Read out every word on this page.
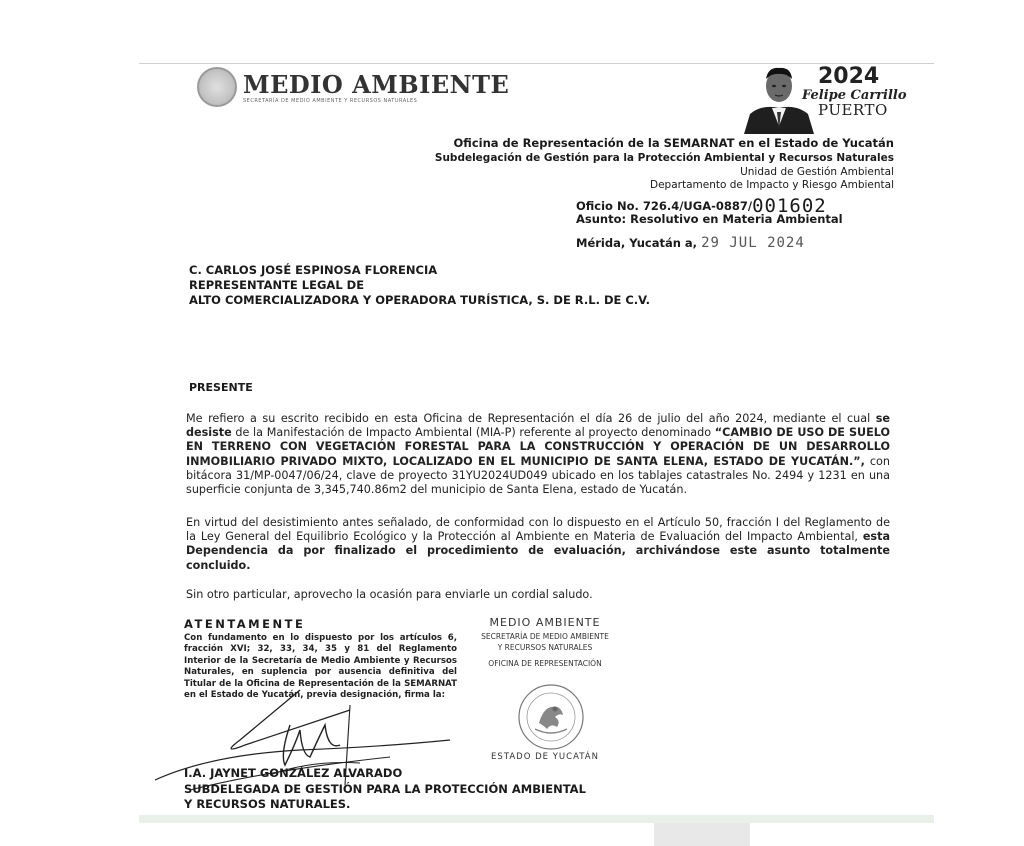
MEDIO AMBIENTE
SECRETARÍA DE MEDIO AMBIENTE Y RECURSOS NATURALES
2024
Felipe Carrillo
PUERTO
Oficina de Representación de la SEMARNAT en el Estado de Yucatán
Subdelegación de Gestión para la Protección Ambiental y Recursos Naturales
Unidad de Gestión Ambiental
Departamento de Impacto y Riesgo Ambiental
Oficio No. 726.4/UGA-0887/001602
Asunto: Resolutivo en Materia Ambiental
Mérida, Yucatán a, 29 JUL 2024
C. CARLOS JOSÉ ESPINOSA FLORENCIA
REPRESENTANTE LEGAL DE
ALTO COMERCIALIZADORA Y OPERADORA TURÍSTICA, S. DE R.L. DE C.V.
PRESENTE
Me refiero a su escrito recibido en esta Oficina de Representación el día 26 de julio del año 2024, mediante el cual se desiste de la Manifestación de Impacto Ambiental (MIA-P) referente al proyecto denominado “CAMBIO DE USO DE SUELO EN TERRENO CON VEGETACIÓN FORESTAL PARA LA CONSTRUCCIÓN Y OPERACIÓN DE UN DESARROLLO INMOBILIARIO PRIVADO MIXTO, LOCALIZADO EN EL MUNICIPIO DE SANTA ELENA, ESTADO DE YUCATÁN.”, con bitácora 31/MP-0047/06/24, clave de proyecto 31YU2024UD049 ubicado en los tablajes catastrales No. 2494 y 1231 en una superficie conjunta de 3,345,740.86m2 del municipio de Santa Elena, estado de Yucatán.
En virtud del desistimiento antes señalado, de conformidad con lo dispuesto en el Artículo 50, fracción I del Reglamento de la Ley General del Equilibrio Ecológico y la Protección al Ambiente en Materia de Evaluación del Impacto Ambiental, esta Dependencia da por finalizado el procedimiento de evaluación, archivándose este asunto totalmente concluido.
Sin otro particular, aprovecho la ocasión para enviarle un cordial saludo.
ATENTAMENTE
Con fundamento en lo dispuesto por los artículos 6, fracción XVI; 32, 33, 34, 35 y 81 del Reglamento Interior de la Secretaría de Medio Ambiente y Recursos Naturales, en suplencia por ausencia definitiva del Titular de la Oficina de Representación de la SEMARNAT en el Estado de Yucatán, previa designación, firma la:
MEDIO AMBIENTE
SECRETARÍA DE MEDIO AMBIENTE
Y RECURSOS NATURALES
OFICINA DE REPRESENTACIÓN
ESTADO DE YUCATÁN
I.A. JAYNET GONZÁLEZ ALVARADO
SUBDELEGADA DE GESTIÓN PARA LA PROTECCIÓN AMBIENTAL
Y RECURSOS NATURALES.
